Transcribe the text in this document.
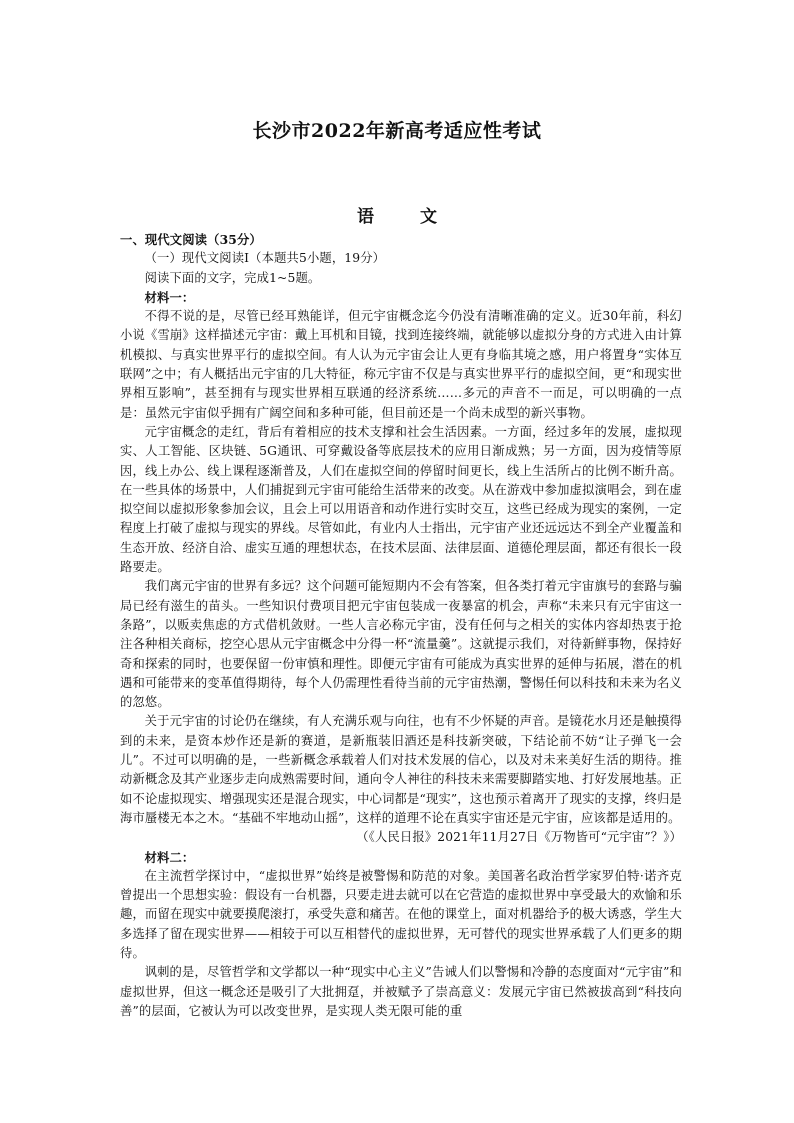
长沙市2022年新高考适应性考试
语 文

一、现代文阅读（35分）

（一）现代文阅读Ⅰ（本题共5小题，19分）

阅读下面的文字，完成1~5题。

材料一：

不得不说的是，尽管已经耳熟能详，但元宇宙概念迄今仍没有清晰准确的定义。近30年前，科幻小说《雪崩》这样描述元宇宙：戴上耳机和目镜，找到连接终端，就能够以虚拟分身的方式进入由计算机模拟、与真实世界平行的虚拟空间。有人认为元宇宙会让人更有身临其境之感，用户将置身“实体互联网”之中；有人概括出元宇宙的几大特征，称元宇宙不仅是与真实世界平行的虚拟空间，更“和现实世界相互影响”，甚至拥有与现实世界相互联通的经济系统……多元的声音不一而足，可以明确的一点是：虽然元宇宙似乎拥有广阔空间和多种可能，但目前还是一个尚未成型的新兴事物。

元宇宙概念的走红，背后有着相应的技术支撑和社会生活因素。一方面，经过多年的发展，虚拟现实、人工智能、区块链、5G通讯、可穿戴设备等底层技术的应用日渐成熟；另一方面，因为疫情等原因，线上办公、线上课程逐渐普及，人们在虚拟空间的停留时间更长，线上生活所占的比例不断升高。在一些具体的场景中，人们捕捉到元宇宙可能给生活带来的改变。从在游戏中参加虚拟演唱会，到在虚拟空间以虚拟形象参加会议，且会上可以用语音和动作进行实时交互，这些已经成为现实的案例，一定程度上打破了虚拟与现实的界线。尽管如此，有业内人士指出，元宇宙产业还远远达不到全产业覆盖和生态开放、经济自洽、虚实互通的理想状态，在技术层面、法律层面、道德伦理层面，都还有很长一段路要走。

我们离元宇宙的世界有多远？这个问题可能短期内不会有答案，但各类打着元宇宙旗号的套路与骗局已经有滋生的苗头。一些知识付费项目把元宇宙包装成一夜暴富的机会，声称“未来只有元宇宙这一条路”，以贩卖焦虑的方式借机敛财。一些人言必称元宇宙，没有任何与之相关的实体内容却热衷于抢注各种相关商标，挖空心思从元宇宙概念中分得一杯“流量羹”。这就提示我们，对待新鲜事物，保持好奇和探索的同时，也要保留一份审慎和理性。即便元宇宙有可能成为真实世界的延伸与拓展，潜在的机遇和可能带来的变革值得期待，每个人仍需理性看待当前的元宇宙热潮，警惕任何以科技和未来为名义的忽悠。

关于元宇宙的讨论仍在继续，有人充满乐观与向往，也有不少怀疑的声音。是镜花水月还是触摸得到的未来，是资本炒作还是新的赛道，是新瓶装旧酒还是科技新突破，下结论前不妨“让子弹飞一会儿”。不过可以明确的是，一些新概念承载着人们对技术发展的信心，以及对未来美好生活的期待。推动新概念及其产业逐步走向成熟需要时间，通向令人神往的科技未来需要脚踏实地、打好发展地基。正如不论虚拟现实、增强现实还是混合现实，中心词都是“现实”，这也预示着离开了现实的支撑，终归是海市蜃楼无本之木。“基础不牢地动山摇”，这样的道理不论在真实宇宙还是元宇宙，应该都是适用的。

（《人民日报》2021年11月27日《万物皆可“元宇宙”？》）

材料二：

在主流哲学探讨中，“虚拟世界”始终是被警惕和防范的对象。美国著名政治哲学家罗伯特·诺齐克曾提出一个思想实验：假设有一台机器，只要走进去就可以在它营造的虚拟世界中享受最大的欢愉和乐趣，而留在现实中就要摸爬滚打，承受失意和痛苦。在他的课堂上，面对机器给予的极大诱惑，学生大多选择了留在现实世界——相较于可以互相替代的虚拟世界，无可替代的现实世界承载了人们更多的期待。

讽刺的是，尽管哲学和文学都以一种“现实中心主义”告诫人们以警惕和冷静的态度面对“元宇宙”和虚拟世界，但这一概念还是吸引了大批拥趸，并被赋予了崇高意义：发展元宇宙已然被拔高到“科技向善”的层面，它被认为可以改变世界，是实现人类无限可能的重
